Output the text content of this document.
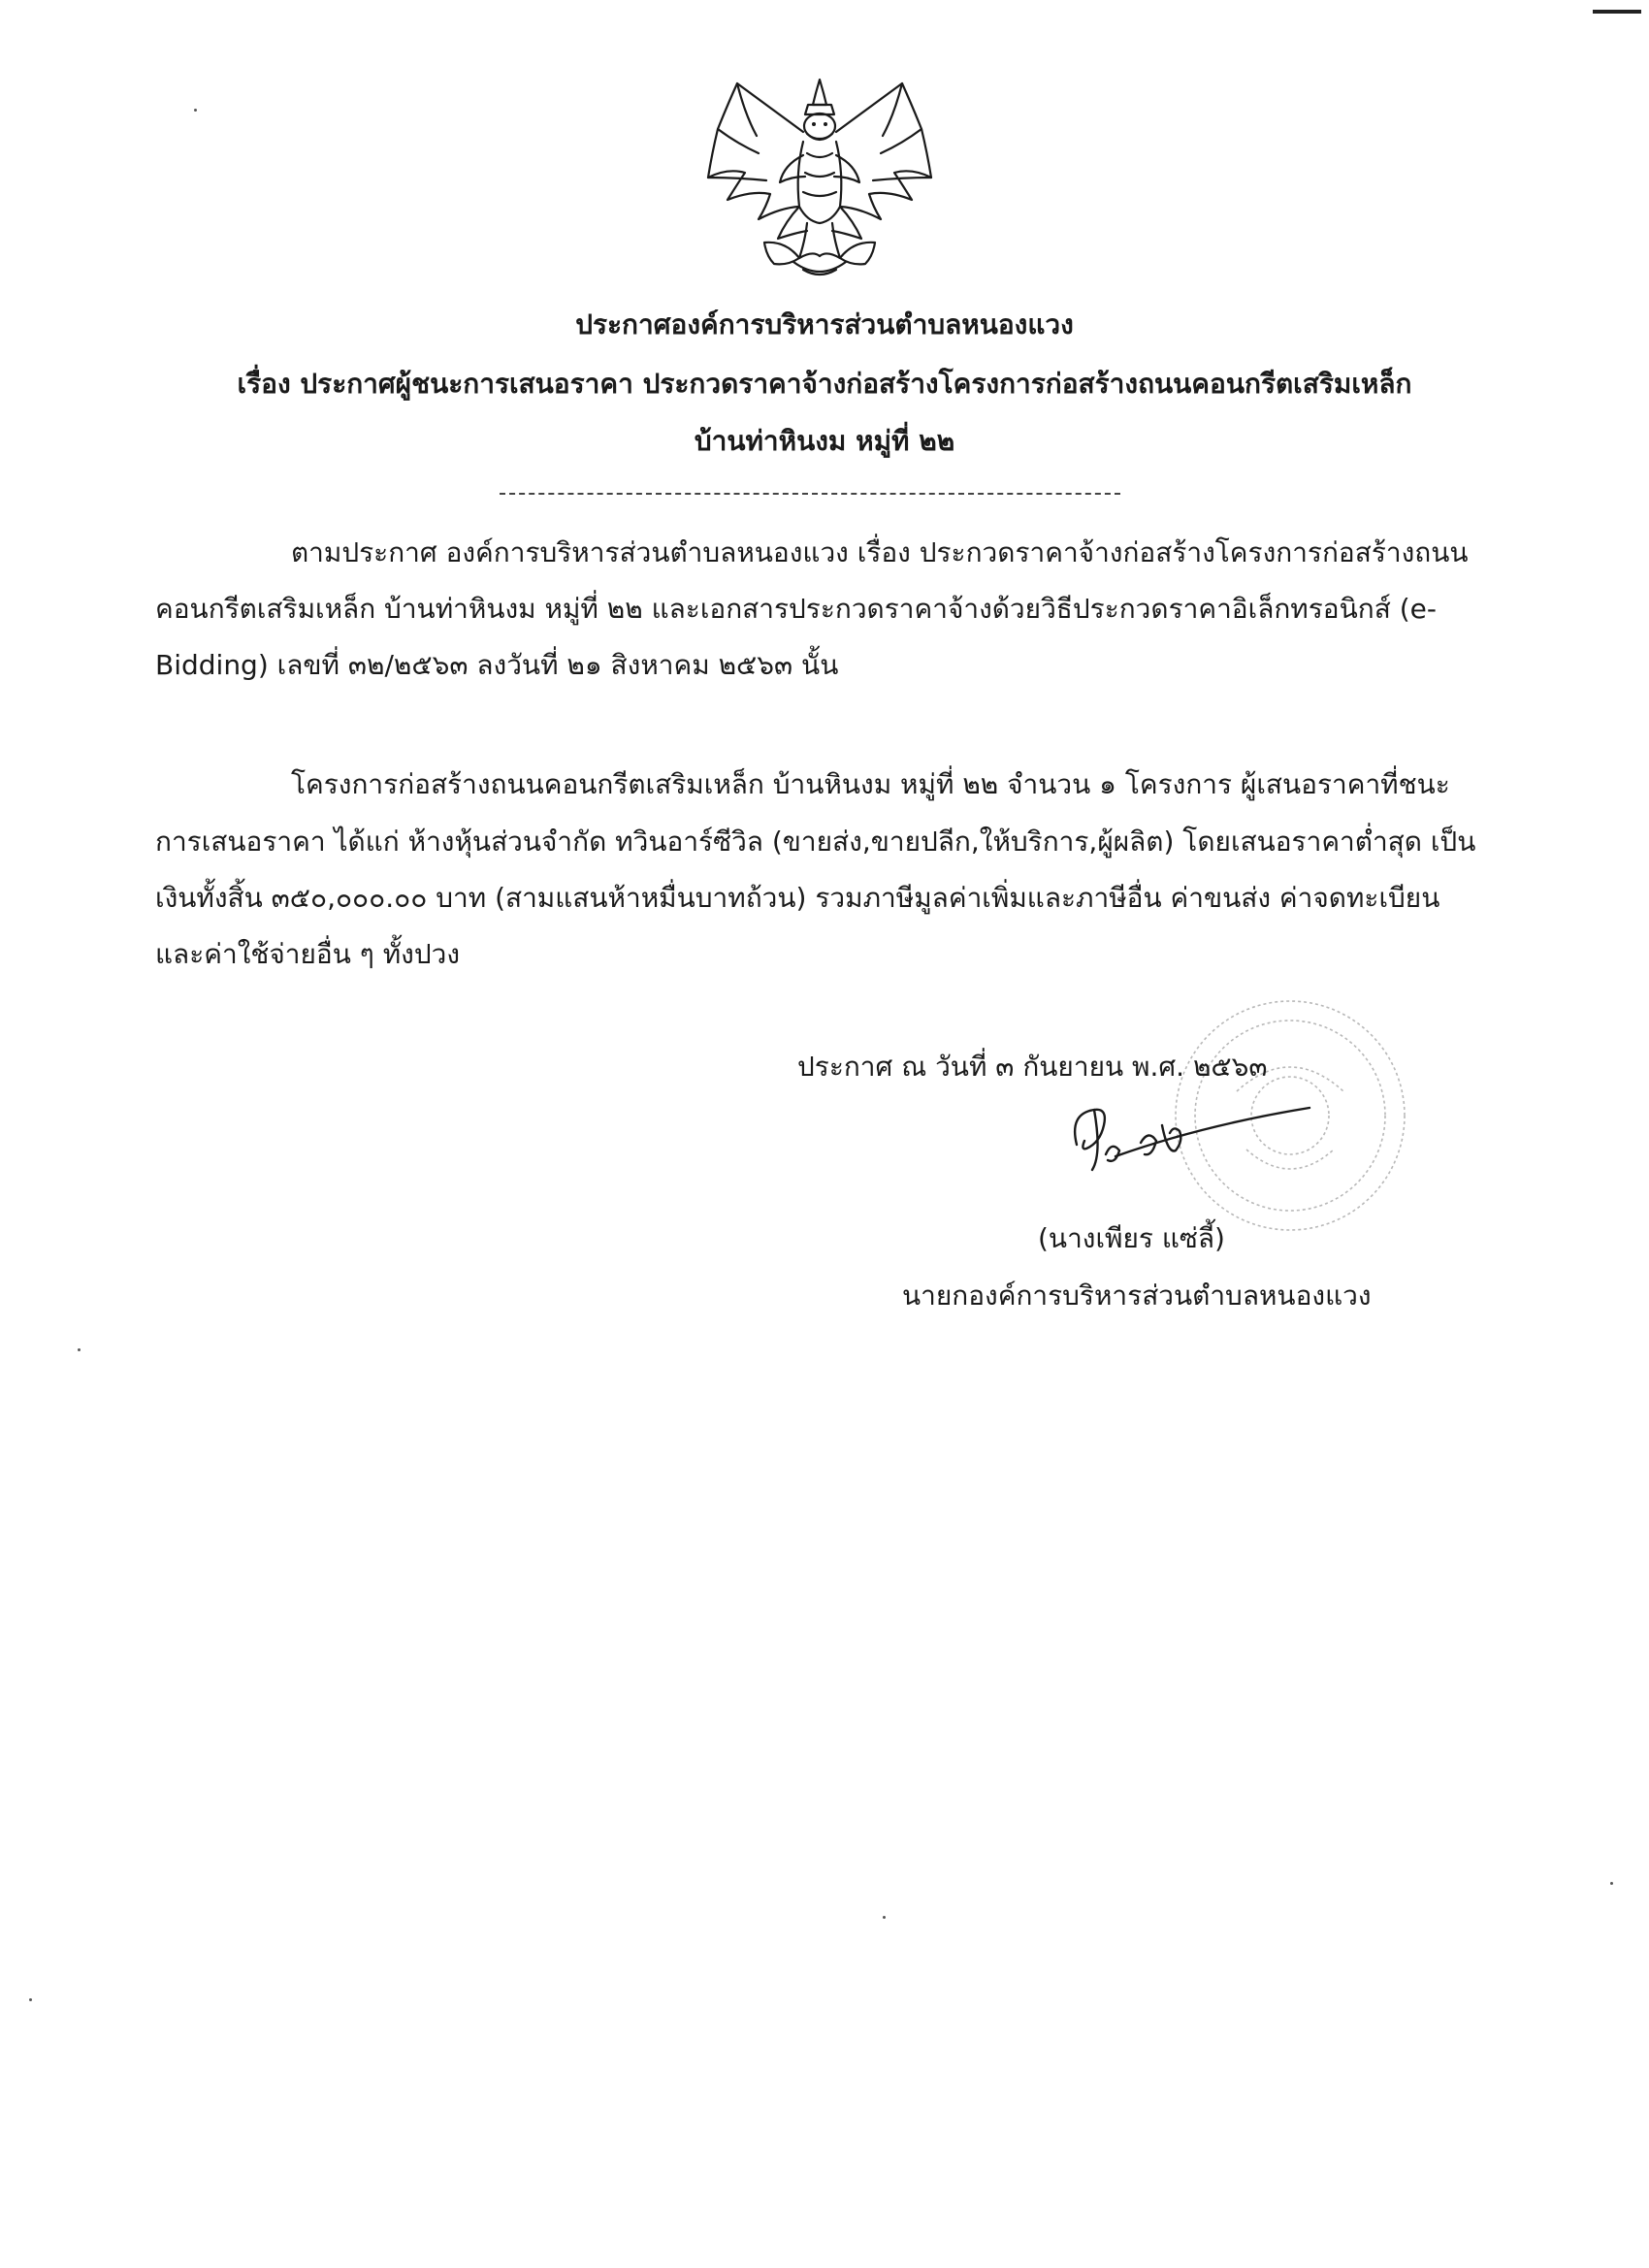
ประกาศองค์การบริหารส่วนตำบลหนองแวง
เรื่อง ประกาศผู้ชนะการเสนอราคา ประกวดราคาจ้างก่อสร้างโครงการก่อสร้างถนนคอนกรีตเสริมเหล็ก
บ้านท่าหินงม หมู่ที่ ๒๒
ตามประกาศ องค์การบริหารส่วนตำบลหนองแวง เรื่อง ประกวดราคาจ้างก่อสร้างโครงการก่อสร้างถนน
คอนกรีตเสริมเหล็ก บ้านท่าหินงม หมู่ที่ ๒๒ และเอกสารประกวดราคาจ้างด้วยวิธีประกวดราคาอิเล็กทรอนิกส์ (e-
Bidding) เลขที่ ๓๒/๒๕๖๓ ลงวันที่ ๒๑ สิงหาคม ๒๕๖๓ นั้น
โครงการก่อสร้างถนนคอนกรีตเสริมเหล็ก บ้านหินงม หมู่ที่ ๒๒ จำนวน ๑ โครงการ ผู้เสนอราคาที่ชนะ
การเสนอราคา ได้แก่ ห้างหุ้นส่วนจำกัด ทวินอาร์ซีวิล (ขายส่ง,ขายปลีก,ให้บริการ,ผู้ผลิต) โดยเสนอราคาต่ำสุด เป็น
เงินทั้งสิ้น ๓๕๐,๐๐๐.๐๐ บาท (สามแสนห้าหมื่นบาทถ้วน) รวมภาษีมูลค่าเพิ่มและภาษีอื่น ค่าขนส่ง ค่าจดทะเบียน
และค่าใช้จ่ายอื่น ๆ ทั้งปวง
ประกาศ ณ วันที่ ๓ กันยายน พ.ศ. ๒๕๖๓
(นางเพียร แซ่ลี้)
นายกองค์การบริหารส่วนตำบลหนองแวง
